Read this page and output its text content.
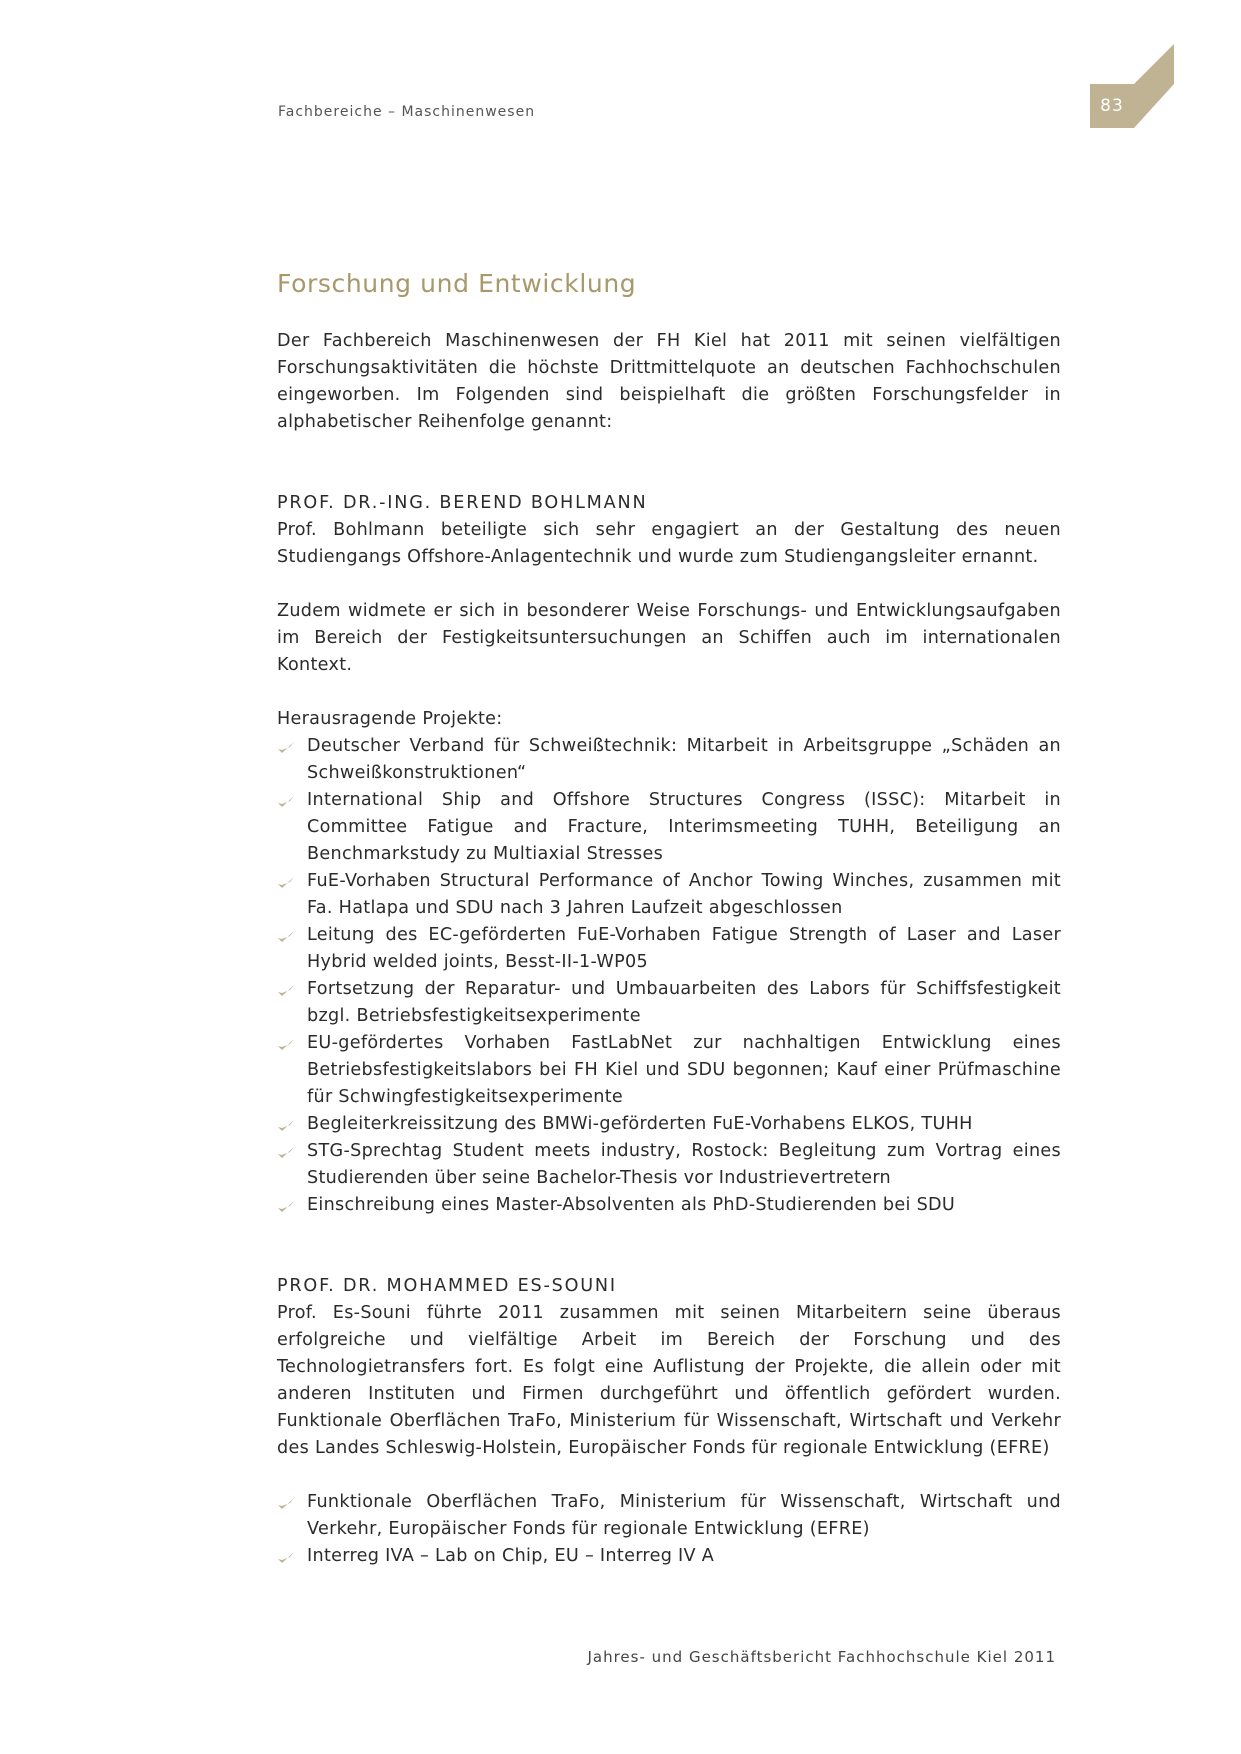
Fachbereiche – Maschinenwesen	83
Forschung und Entwicklung

Der Fachbereich Maschinenwesen der FH Kiel hat 2011 mit seinen vielfältigen Forschungsaktivitäten die höchste Drittmittelquote an deutschen Fachhochschulen eingeworben. Im Folgenden sind beispielhaft die größten Forschungsfelder in alphabetischer Reihenfolge genannt:

PROF. DR.-ING. BEREND BOHLMANN

Prof. Bohlmann beteiligte sich sehr engagiert an der Gestaltung des neuen Studiengangs Offshore-Anlagentechnik und wurde zum Studiengangsleiter ernannt.

Zudem widmete er sich in besonderer Weise Forschungs- und Entwicklungsaufgaben im Bereich der Festigkeitsuntersuchungen an Schiffen auch im internationalen Kontext.

Herausragende Projekte:
Deutscher Verband für Schweißtechnik: Mitarbeit in Arbeitsgruppe „Schäden an Schweißkonstruktionen“
International Ship and Offshore Structures Congress (ISSC): Mitarbeit in Committee Fatigue and Fracture, Interimsmeeting TUHH, Beteiligung an Benchmarkstudy zu Multiaxial Stresses
FuE-Vorhaben Structural Performance of Anchor Towing Winches, zusammen mit Fa. Hatlapa und SDU nach 3 Jahren Laufzeit abgeschlossen
Leitung des EC-geförderten FuE-Vorhaben Fatigue Strength of Laser and Laser Hybrid welded joints, Besst-II-1-WP05
Fortsetzung der Reparatur- und Umbauarbeiten des Labors für Schiffsfestigkeit bzgl. Betriebsfestigkeitsexperimente
EU-gefördertes Vorhaben FastLabNet zur nachhaltigen Entwicklung eines Betriebsfestigkeitslabors bei FH Kiel und SDU begonnen; Kauf einer Prüfmaschine für Schwingfestigkeitsexperimente
Begleiterkreissitzung des BMWi-geförderten FuE-Vorhabens ELKOS, TUHH
STG-Sprechtag Student meets industry, Rostock: Begleitung zum Vortrag eines Studierenden über seine Bachelor-Thesis vor Industrievertretern
Einschreibung eines Master-Absolventen als PhD-Studierenden bei SDU
PROF. DR. MOHAMMED ES-SOUNI

Prof. Es-Souni führte 2011 zusammen mit seinen Mitarbeitern seine überaus erfolgreiche und vielfältige Arbeit im Bereich der Forschung und des Technologietransfers fort. Es folgt eine Auflistung der Projekte, die allein oder mit anderen Instituten und Firmen durchgeführt und öffentlich gefördert wurden. Funktionale Oberflächen TraFo, Ministerium für Wissenschaft, Wirtschaft und Verkehr des Landes Schleswig-Holstein, Europäischer Fonds für regionale Entwicklung (EFRE)

Funktionale Oberflächen TraFo, Ministerium für Wissenschaft, Wirtschaft und Verkehr, Europäischer Fonds für regionale Entwicklung (EFRE)
Interreg IVA – Lab on Chip, EU – Interreg IV A
Jahres- und Geschäftsbericht Fachhochschule Kiel 2011
